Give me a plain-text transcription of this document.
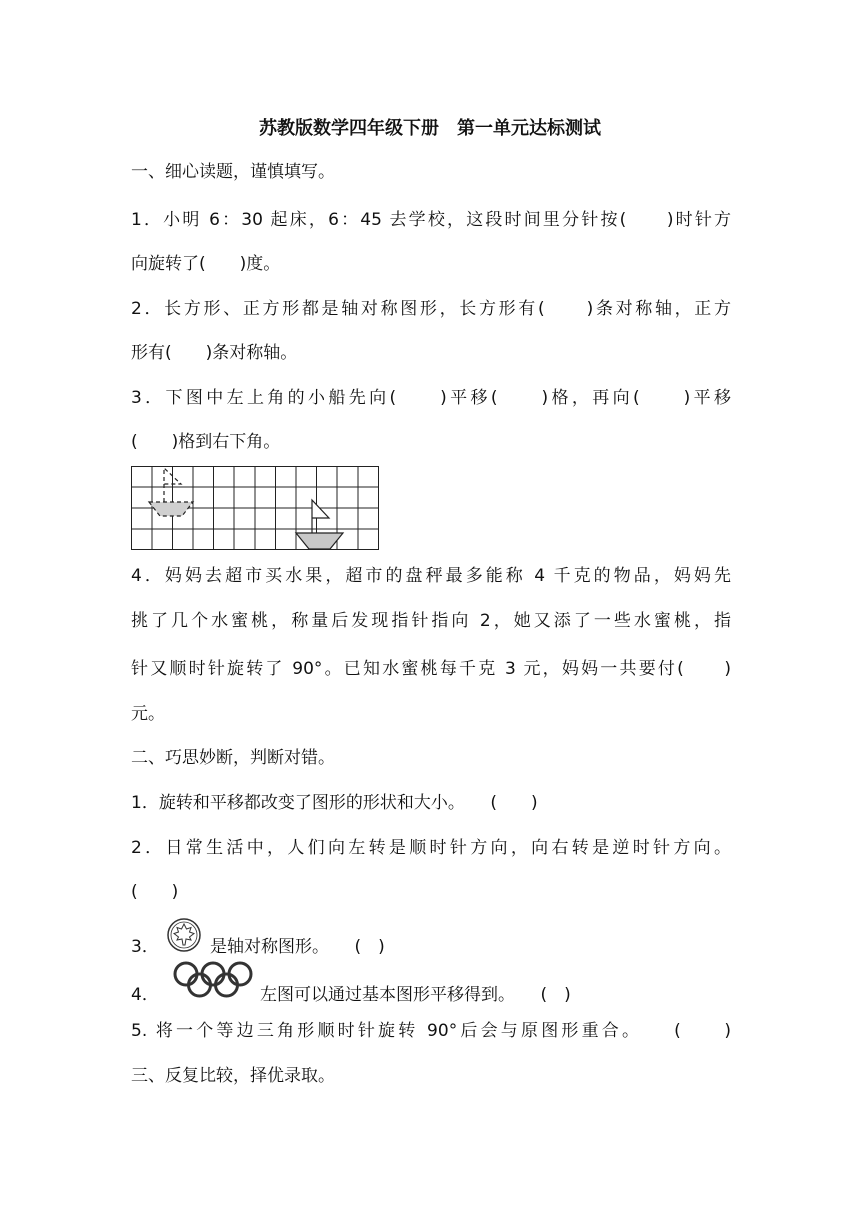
苏教版数学四年级下册　第一单元达标测试
一、细心读题，谨慎填写。
1．小明 6：30 起床，6：45 去学校，这段时间里分针按(　　)时针方
向旋转了(　　)度。
2．长方形、正方形都是轴对称图形，长方形有(　　)条对称轴，正方
形有(　　)条对称轴。
3．下图中左上角的小船先向(　　)平移(　　)格，再向(　　)平移
(　　)格到右下角。
4．妈妈去超市买水果，超市的盘秤最多能称 4 千克的物品，妈妈先
挑了几个水蜜桃，称量后发现指针指向 2，她又添了一些水蜜桃，指
针又顺时针旋转了 90°。已知水蜜桃每千克 3 元，妈妈一共要付(　　)
元。
二、巧思妙断，判断对错。
1．旋转和平移都改变了图形的形状和大小。　　(　　)
2．日常生活中，人们向左转是顺时针方向，向右转是逆时针方向。
(　　)
3．	是轴对称图形。　　(　)
4．	左图可以通过基本图形平移得到。　　(　)
5. 将一个等边三角形顺时针旋转 90°后会与原图形重合。　　(　　)
三、反复比较，择优录取。
